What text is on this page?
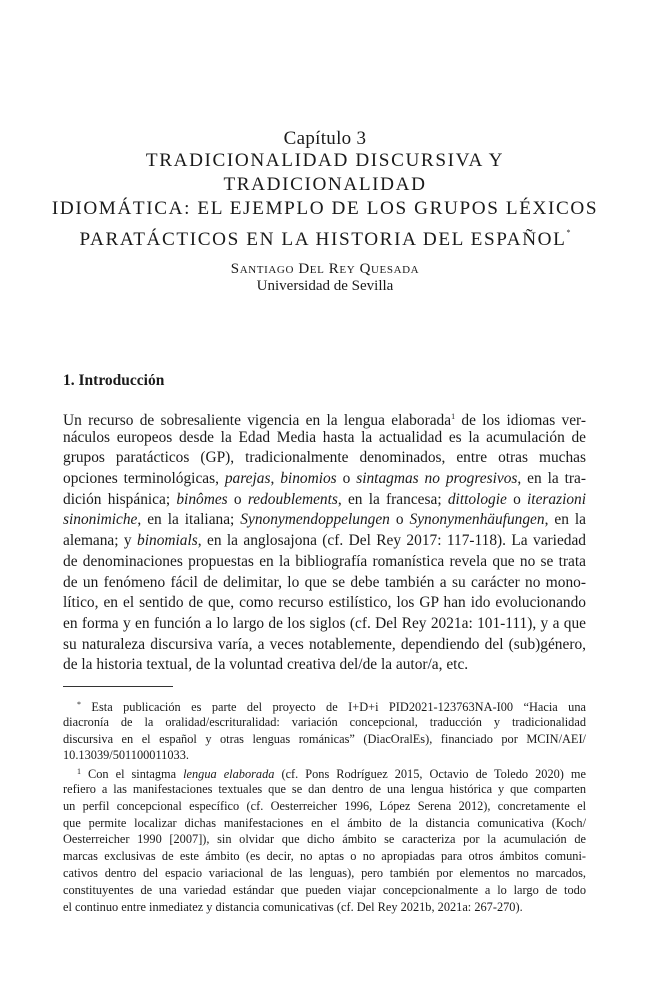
Capítulo 3
TRADICIONALIDAD DISCURSIVA Y TRADICIONALIDAD
IDIOMÁTICA: EL EJEMPLO DE LOS GRUPOS LÉXICOS
PARATÁCTICOS EN LA HISTORIA DEL ESPAÑOL*
Santiago Del Rey Quesada
Universidad de Sevilla
1. Introducción
Un recurso de sobresaliente vigencia en la lengua elaborada$^1$ de los idiomas ver-
náculos europeos desde la Edad Media hasta la actualidad es la acumulación de
grupos paratácticos (GP), tradicionalmente denominados, entre otras muchas
opciones terminológicas, parejas, binomios o sintagmas no progresivos, en la tra-
dición hispánica; binômes o redoublements, en la francesa; dittologie o iterazioni
sinonimiche, en la italiana; Synonymendoppelungen o Synonymenhäufungen, en la
alemana; y binomials, en la anglosajona (cf. Del Rey 2017: 117-118). La variedad
de denominaciones propuestas en la bibliografía romanística revela que no se trata
de un fenómeno fácil de delimitar, lo que se debe también a su carácter no mono-
lítico, en el sentido de que, como recurso estilístico, los GP han ido evolucionando
en forma y en función a lo largo de los siglos (cf. Del Rey 2021a: 101-111), y a que
su naturaleza discursiva varía, a veces notablemente, dependiendo del (sub)género,
de la historia textual, de la voluntad creativa del/de la autor/a, etc.
* Esta publicación es parte del proyecto de I+D+i PID2021-123763NA-I00 “Hacia una
diacronía de la oralidad/escrituralidad: variación concepcional, traducción y tradicionalidad
discursiva en el español y otras lenguas románicas” (DiacOralEs), financiado por MCIN/AEI/
10.13039/501100011033.
$^1$ Con el sintagma lengua elaborada (cf. Pons Rodríguez 2015, Octavio de Toledo 2020) me
refiero a las manifestaciones textuales que se dan dentro de una lengua histórica y que comparten
un perfil concepcional específico (cf. Oesterreicher 1996, López Serena 2012), concretamente el
que permite localizar dichas manifestaciones en el ámbito de la distancia comunicativa (Koch/
Oesterreicher 1990 [2007]), sin olvidar que dicho ámbito se caracteriza por la acumulación de
marcas exclusivas de este ámbito (es decir, no aptas o no apropiadas para otros ámbitos comuni-
cativos dentro del espacio variacional de las lenguas), pero también por elementos no marcados,
constituyentes de una variedad estándar que pueden viajar concepcionalmente a lo largo de todo
el continuo entre inmediatez y distancia comunicativas (cf. Del Rey 2021b, 2021a: 267-270).
